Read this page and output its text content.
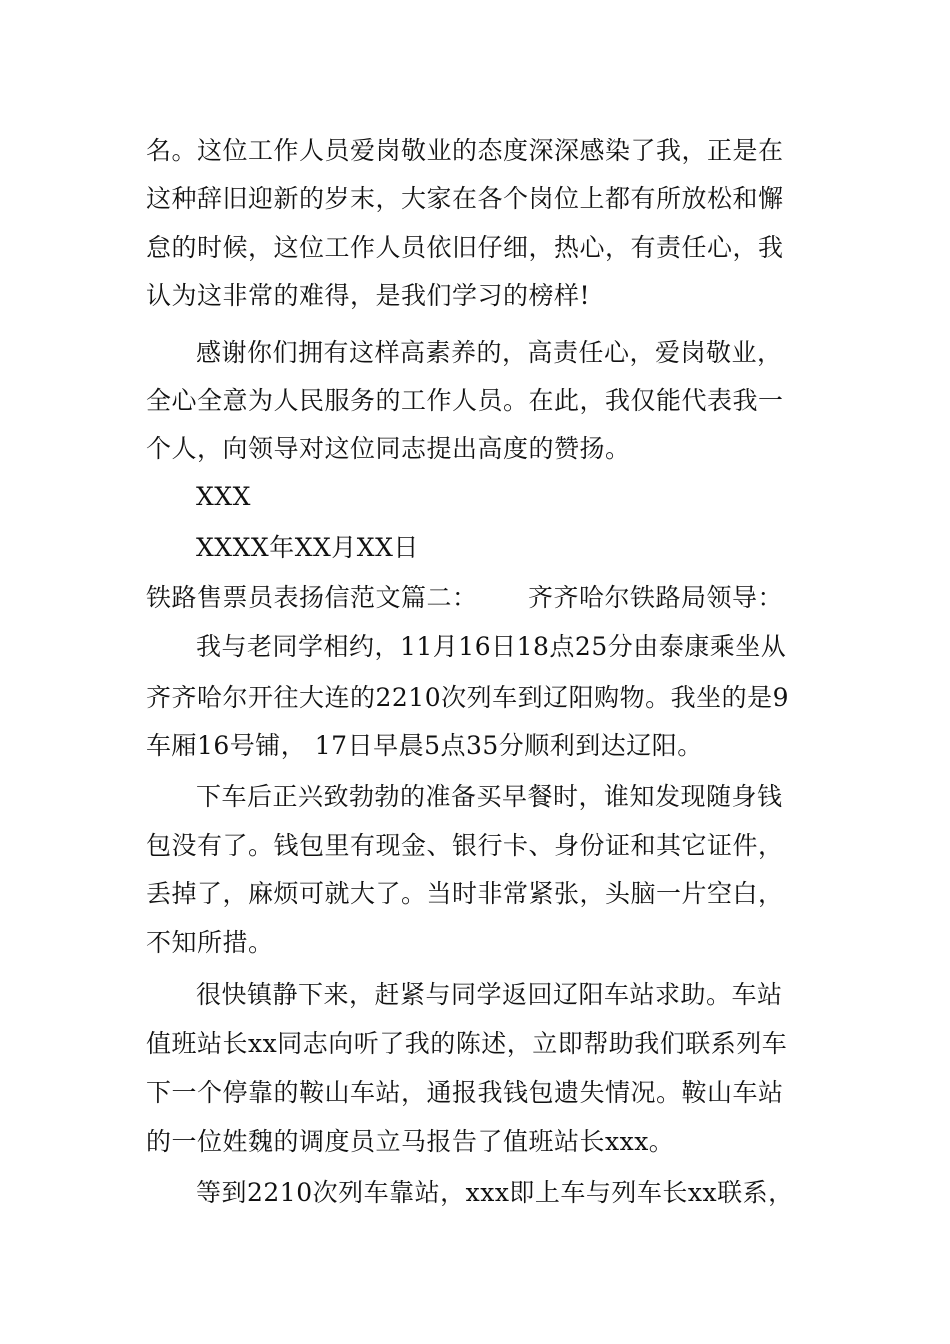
名。这位工作人员爱岗敬业的态度深深感染了我，正是在
这种辞旧迎新的岁末，大家在各个岗位上都有所放松和懈
怠的时候，这位工作人员依旧仔细，热心，有责任心，我
认为这非常的难得，是我们学习的榜样!
感谢你们拥有这样高素养的，高责任心，爱岗敬业，
全心全意为人民服务的工作人员。在此，我仅能代表我一
个人，向领导对这位同志提出高度的赞扬。
XXX
XXXX年XX月XX日
铁路售票员表扬信范文篇二： 齐齐哈尔铁路局领导：
我与老同学相约，11月16日18点25分由泰康乘坐从
齐齐哈尔开往大连的2210次列车到辽阳购物。我坐的是9
车厢16号铺， 17日早晨5点35分顺利到达辽阳。
下车后正兴致勃勃的准备买早餐时，谁知发现随身钱
包没有了。钱包里有现金、银行卡、身份证和其它证件，
丢掉了，麻烦可就大了。当时非常紧张，头脑一片空白，
不知所措。
很快镇静下来，赶紧与同学返回辽阳车站求助。车站
值班站长xx同志向听了我的陈述，立即帮助我们联系列车
下一个停靠的鞍山车站，通报我钱包遗失情况。鞍山车站
的一位姓魏的调度员立马报告了值班站长xxx。
等到2210次列车靠站，xxx即上车与列车长xx联系，
